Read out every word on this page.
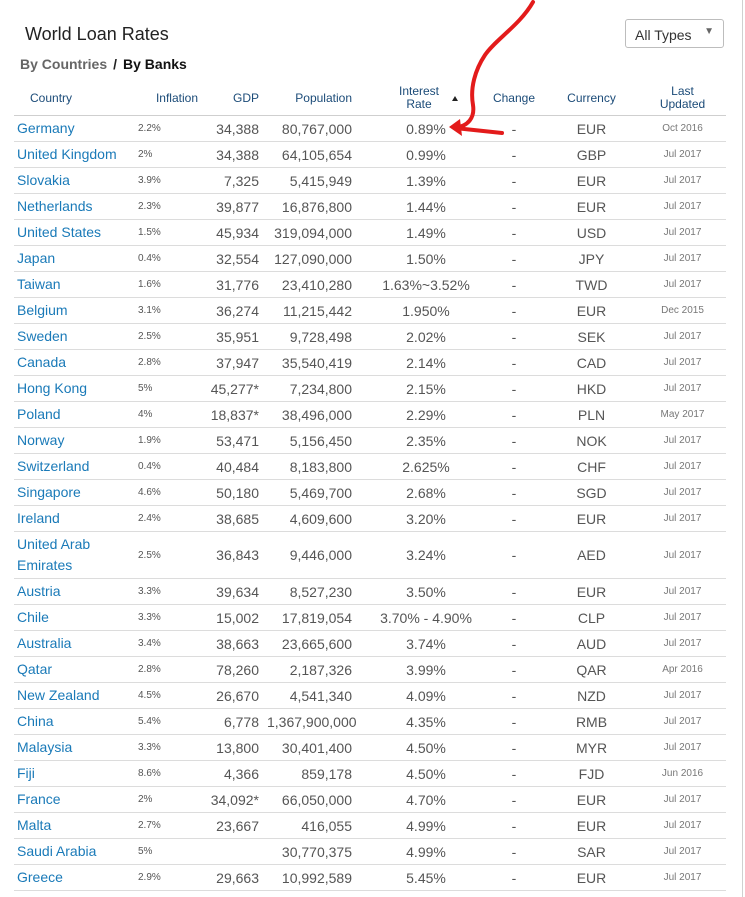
World Loan Rates	All Types ▼
By Countries / By Banks
Country	Inflation	GDP	Population	Interest Rate	Change	Currency	Last Updated
Germany	2.2%	34,388	80,767,000	0.89%	-	EUR	Oct 2016
United Kingdom	2%	34,388	64,105,654	0.99%	-	GBP	Jul 2017
Slovakia	3.9%	7,325	5,415,949	1.39%	-	EUR	Jul 2017
Netherlands	2.3%	39,877	16,876,800	1.44%	-	EUR	Jul 2017
United States	1.5%	45,934	319,094,000	1.49%	-	USD	Jul 2017
Japan	0.4%	32,554	127,090,000	1.50%	-	JPY	Jul 2017
Taiwan	1.6%	31,776	23,410,280	1.63%~3.52%	-	TWD	Jul 2017
Belgium	3.1%	36,274	11,215,442	1.950%	-	EUR	Dec 2015
Sweden	2.5%	35,951	9,728,498	2.02%	-	SEK	Jul 2017
Canada	2.8%	37,947	35,540,419	2.14%	-	CAD	Jul 2017
Hong Kong	5%	45,277*	7,234,800	2.15%	-	HKD	Jul 2017
Poland	4%	18,837*	38,496,000	2.29%	-	PLN	May 2017
Norway	1.9%	53,471	5,156,450	2.35%	-	NOK	Jul 2017
Switzerland	0.4%	40,484	8,183,800	2.625%	-	CHF	Jul 2017
Singapore	4.6%	50,180	5,469,700	2.68%	-	SGD	Jul 2017
Ireland	2.4%	38,685	4,609,600	3.20%	-	EUR	Jul 2017
United Arab Emirates	2.5%	36,843	9,446,000	3.24%	-	AED	Jul 2017
Austria	3.3%	39,634	8,527,230	3.50%	-	EUR	Jul 2017
Chile	3.3%	15,002	17,819,054	3.70% - 4.90%	-	CLP	Jul 2017
Australia	3.4%	38,663	23,665,600	3.74%	-	AUD	Jul 2017
Qatar	2.8%	78,260	2,187,326	3.99%	-	QAR	Apr 2016
New Zealand	4.5%	26,670	4,541,340	4.09%	-	NZD	Jul 2017
China	5.4%	6,778	1,367,900,000	4.35%	-	RMB	Jul 2017
Malaysia	3.3%	13,800	30,401,400	4.50%	-	MYR	Jul 2017
Fiji	8.6%	4,366	859,178	4.50%	-	FJD	Jun 2016
France	2%	34,092*	66,050,000	4.70%	-	EUR	Jul 2017
Malta	2.7%	23,667	416,055	4.99%	-	EUR	Jul 2017
Saudi Arabia	5%		30,770,375	4.99%	-	SAR	Jul 2017
Greece	2.9%	29,663	10,992,589	5.45%	-	EUR	Jul 2017
